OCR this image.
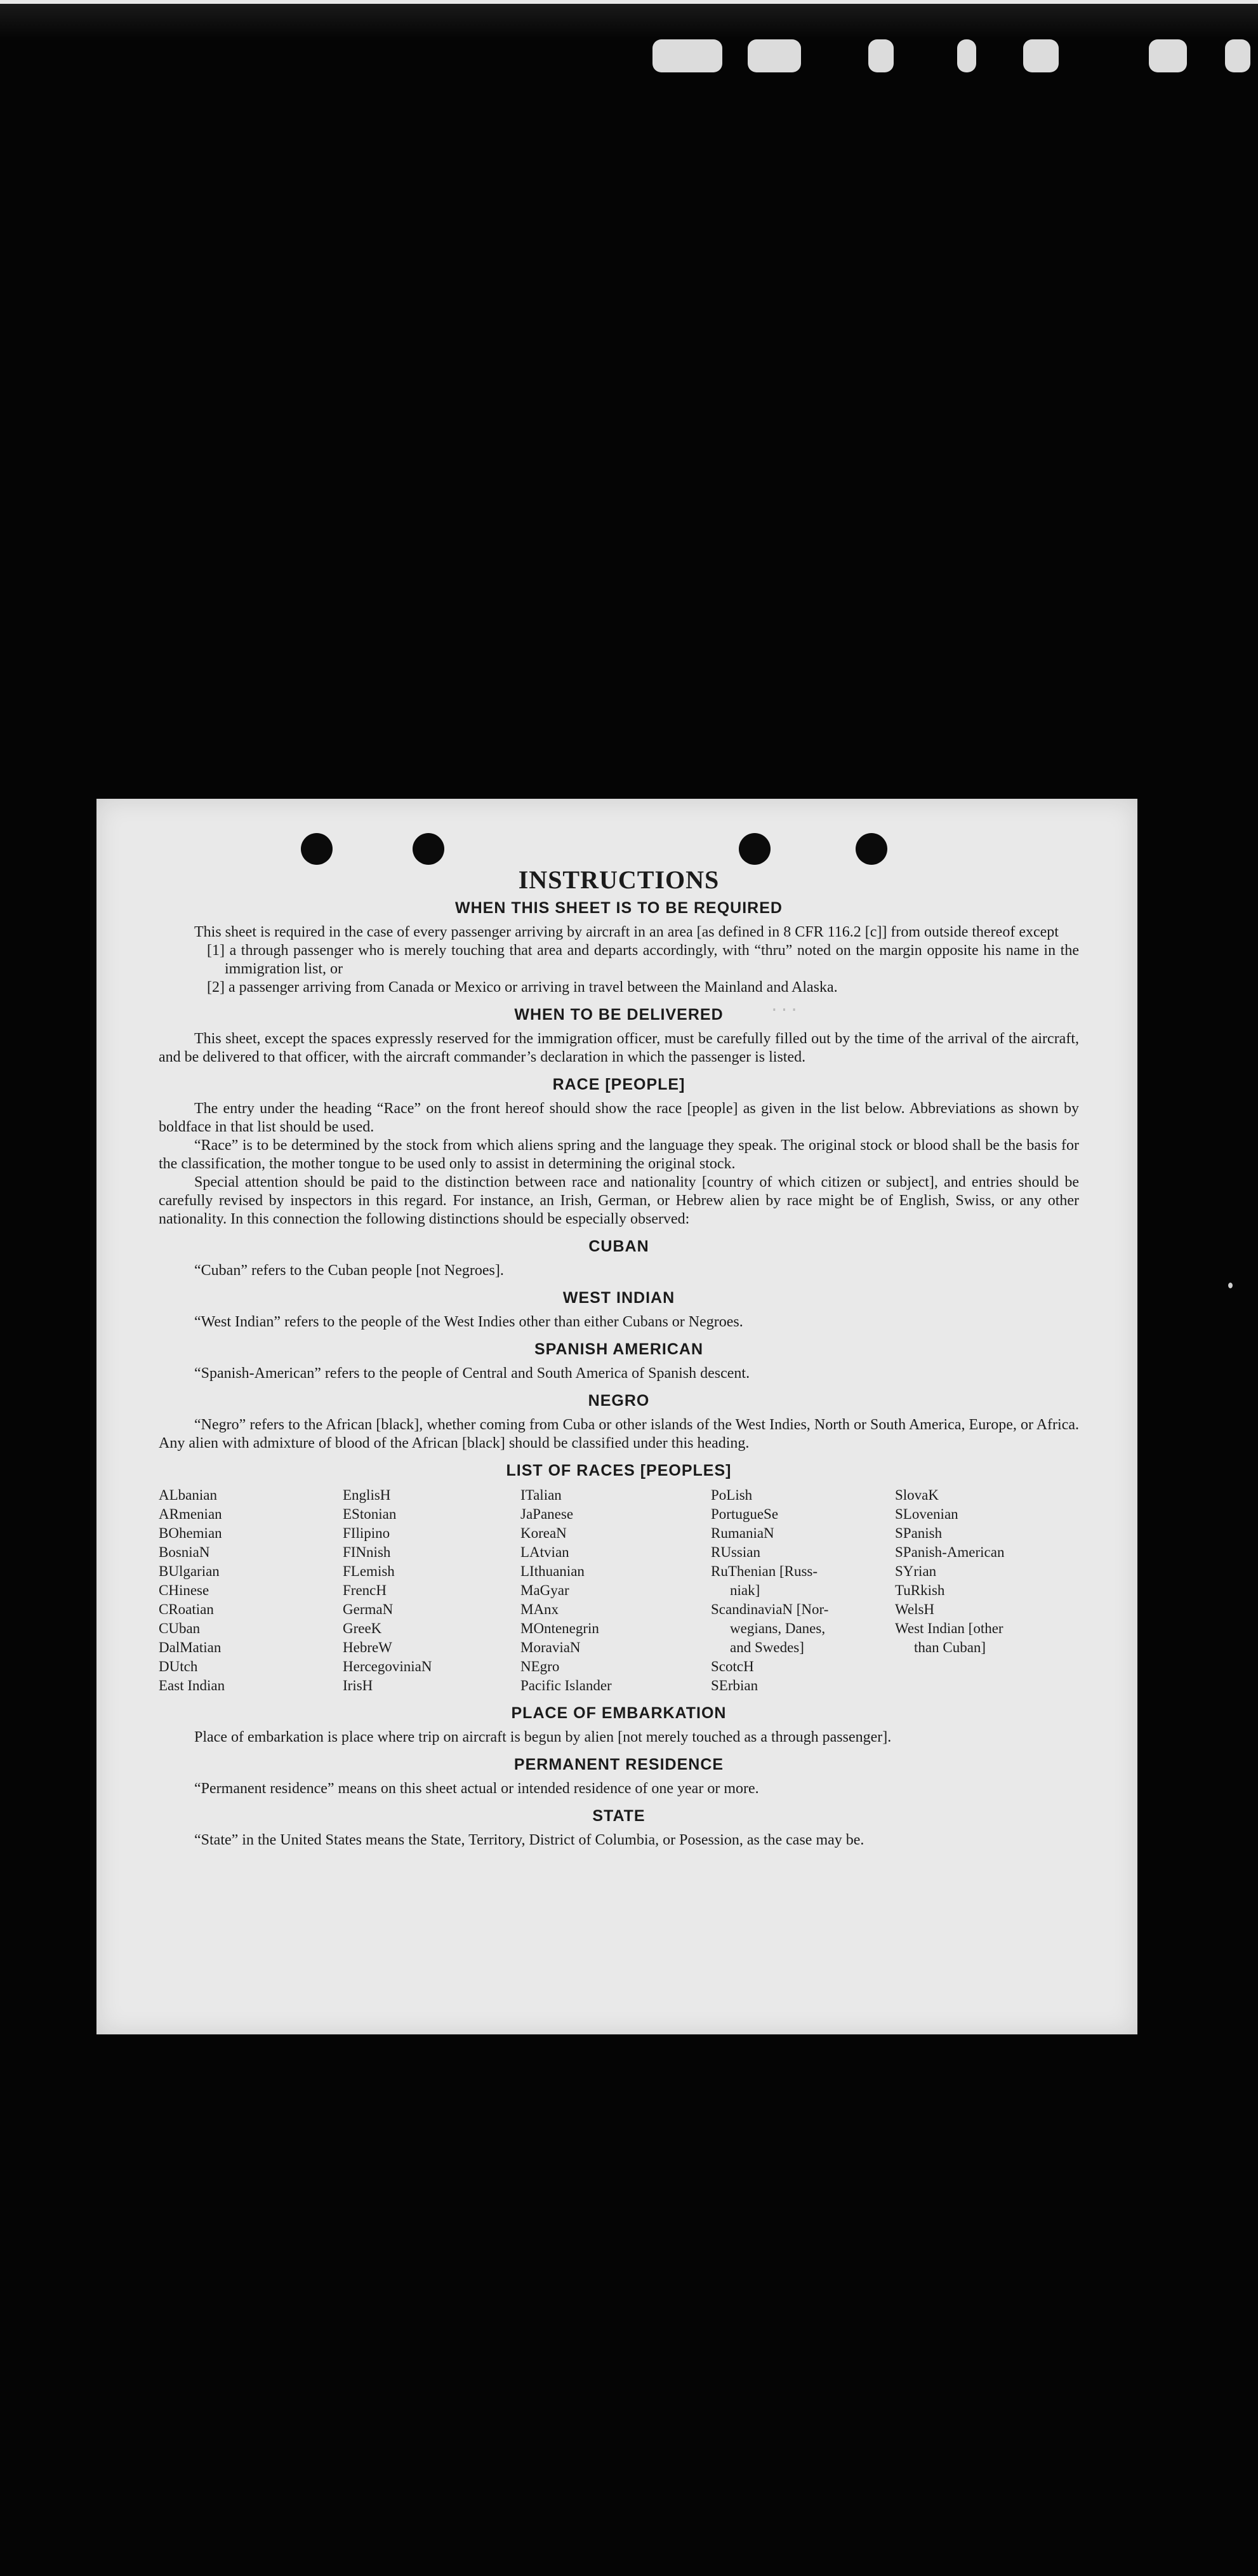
...
INSTRUCTIONS
WHEN THIS SHEET IS TO BE REQUIRED

This sheet is required in the case of every passenger arriving by aircraft in an area [as defined in 8 CFR 116.2 [c]] from outside thereof except

[1] a through passenger who is merely touching that area and departs accordingly, with “thru” noted on the margin opposite his name in the immigration list, or

[2] a passenger arriving from Canada or Mexico or arriving in travel between the Mainland and Alaska.

WHEN TO BE DELIVERED

This sheet, except the spaces expressly reserved for the immigration officer, must be carefully filled out by the time of the arrival of the aircraft, and be delivered to that officer, with the aircraft commander’s declaration in which the passenger is listed.

RACE [PEOPLE]

The entry under the heading “Race” on the front hereof should show the race [people] as given in the list below. Abbreviations as shown by boldface in that list should be used.

“Race” is to be determined by the stock from which aliens spring and the language they speak. The original stock or blood shall be the basis for the classification, the mother tongue to be used only to assist in determining the original stock.

Special attention should be paid to the distinction between race and nationality [country of which citizen or subject], and entries should be carefully revised by inspectors in this regard. For instance, an Irish, German, or Hebrew alien by race might be of English, Swiss, or any other nationality. In this connection the following distinctions should be especially observed:

CUBAN

“Cuban” refers to the Cuban people [not Negroes].

WEST INDIAN

“West Indian” refers to the people of the West Indies other than either Cubans or Negroes.

SPANISH AMERICAN

“Spanish-American” refers to the people of Central and South America of Spanish descent.

NEGRO

“Negro” refers to the African [black], whether coming from Cuba or other islands of the West Indies, North or South America, Europe, or Africa. Any alien with admixture of blood of the African [black] should be classified under this heading.

LIST OF RACES [PEOPLES]
ALbanian
ARmenian
BOhemian
BosniaN
BUlgarian
CHinese
CRoatian
CUban
DalMatian
DUtch
East Indian
EnglisH
EStonian
FIlipino
FINnish
FLemish
FrencH
GermaN
GreeK
HebreW
HercegoviniaN
IrisH
ITalian
JaPanese
KoreaN
LAtvian
LIthuanian
MaGyar
MAnx
MOntenegrin
MoraviaN
NEgro
Pacific Islander
PoLish
PortugueSe
RumaniaN
RUssian
RuThenian [Russ-
niak]
ScandinaviaN [Nor-
wegians, Danes,
and Swedes]
ScotcH
SErbian
SlovaK
SLovenian
SPanish
SPanish-American
SYrian
TuRkish
WelsH
West Indian [other
than Cuban]
PLACE OF EMBARKATION

Place of embarkation is place where trip on aircraft is begun by alien [not merely touched as a through passenger].

PERMANENT RESIDENCE

“Permanent residence” means on this sheet actual or intended residence of one year or more.

STATE

“State” in the United States means the State, Territory, District of Columbia, or Posession, as the case may be.
